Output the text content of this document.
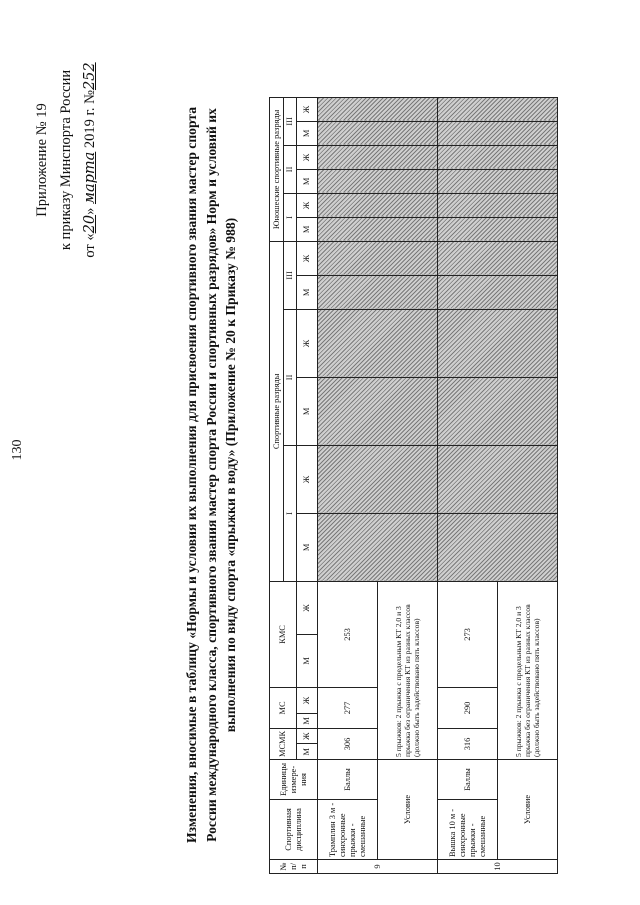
130
Приложение № 19 к приказу Минспорта России от «20» марта 2019 г. №252
Изменения, вносимые в таблицу «Нормы и условия их выполнения для присвоения спортивного звания мастер спорта России международного класса, спортивного звания мастер спорта России и спортивных разрядов» Норм и условий их выполнения по виду спорта «прыжки в воду» (Приложение № 20 к Приказу № 988)
№ п/п	Спортивная дисциплина	Единицы измере-ния	МСМК		МС		КМС		Спортивные разряды						Юношеские спортивные разряды					
									I		II		III		I		II		III	
			М	Ж	М	Ж	М	Ж	М	Ж	М	Ж	М	Ж	М	Ж	М	Ж	М	Ж
9	Трамплин 3 м - синхронные прыжки - смешанные	Баллы	306		277		253													
	Условие		5 прыжков: 2 прыжка с предельным КТ 2,0 и 3 прыжка без ограничения КТ из разных классов (должно быть задействовано пять классов)																	
10	Вышка 10 м - синхронные прыжки - смешанные	Баллы	316		290		273													
	Условие		5 прыжков: 2 прыжка с предельным КТ 2,0 и 3 прыжка без ограничения КТ из разных классов (должно быть задействовано пять классов)																	
